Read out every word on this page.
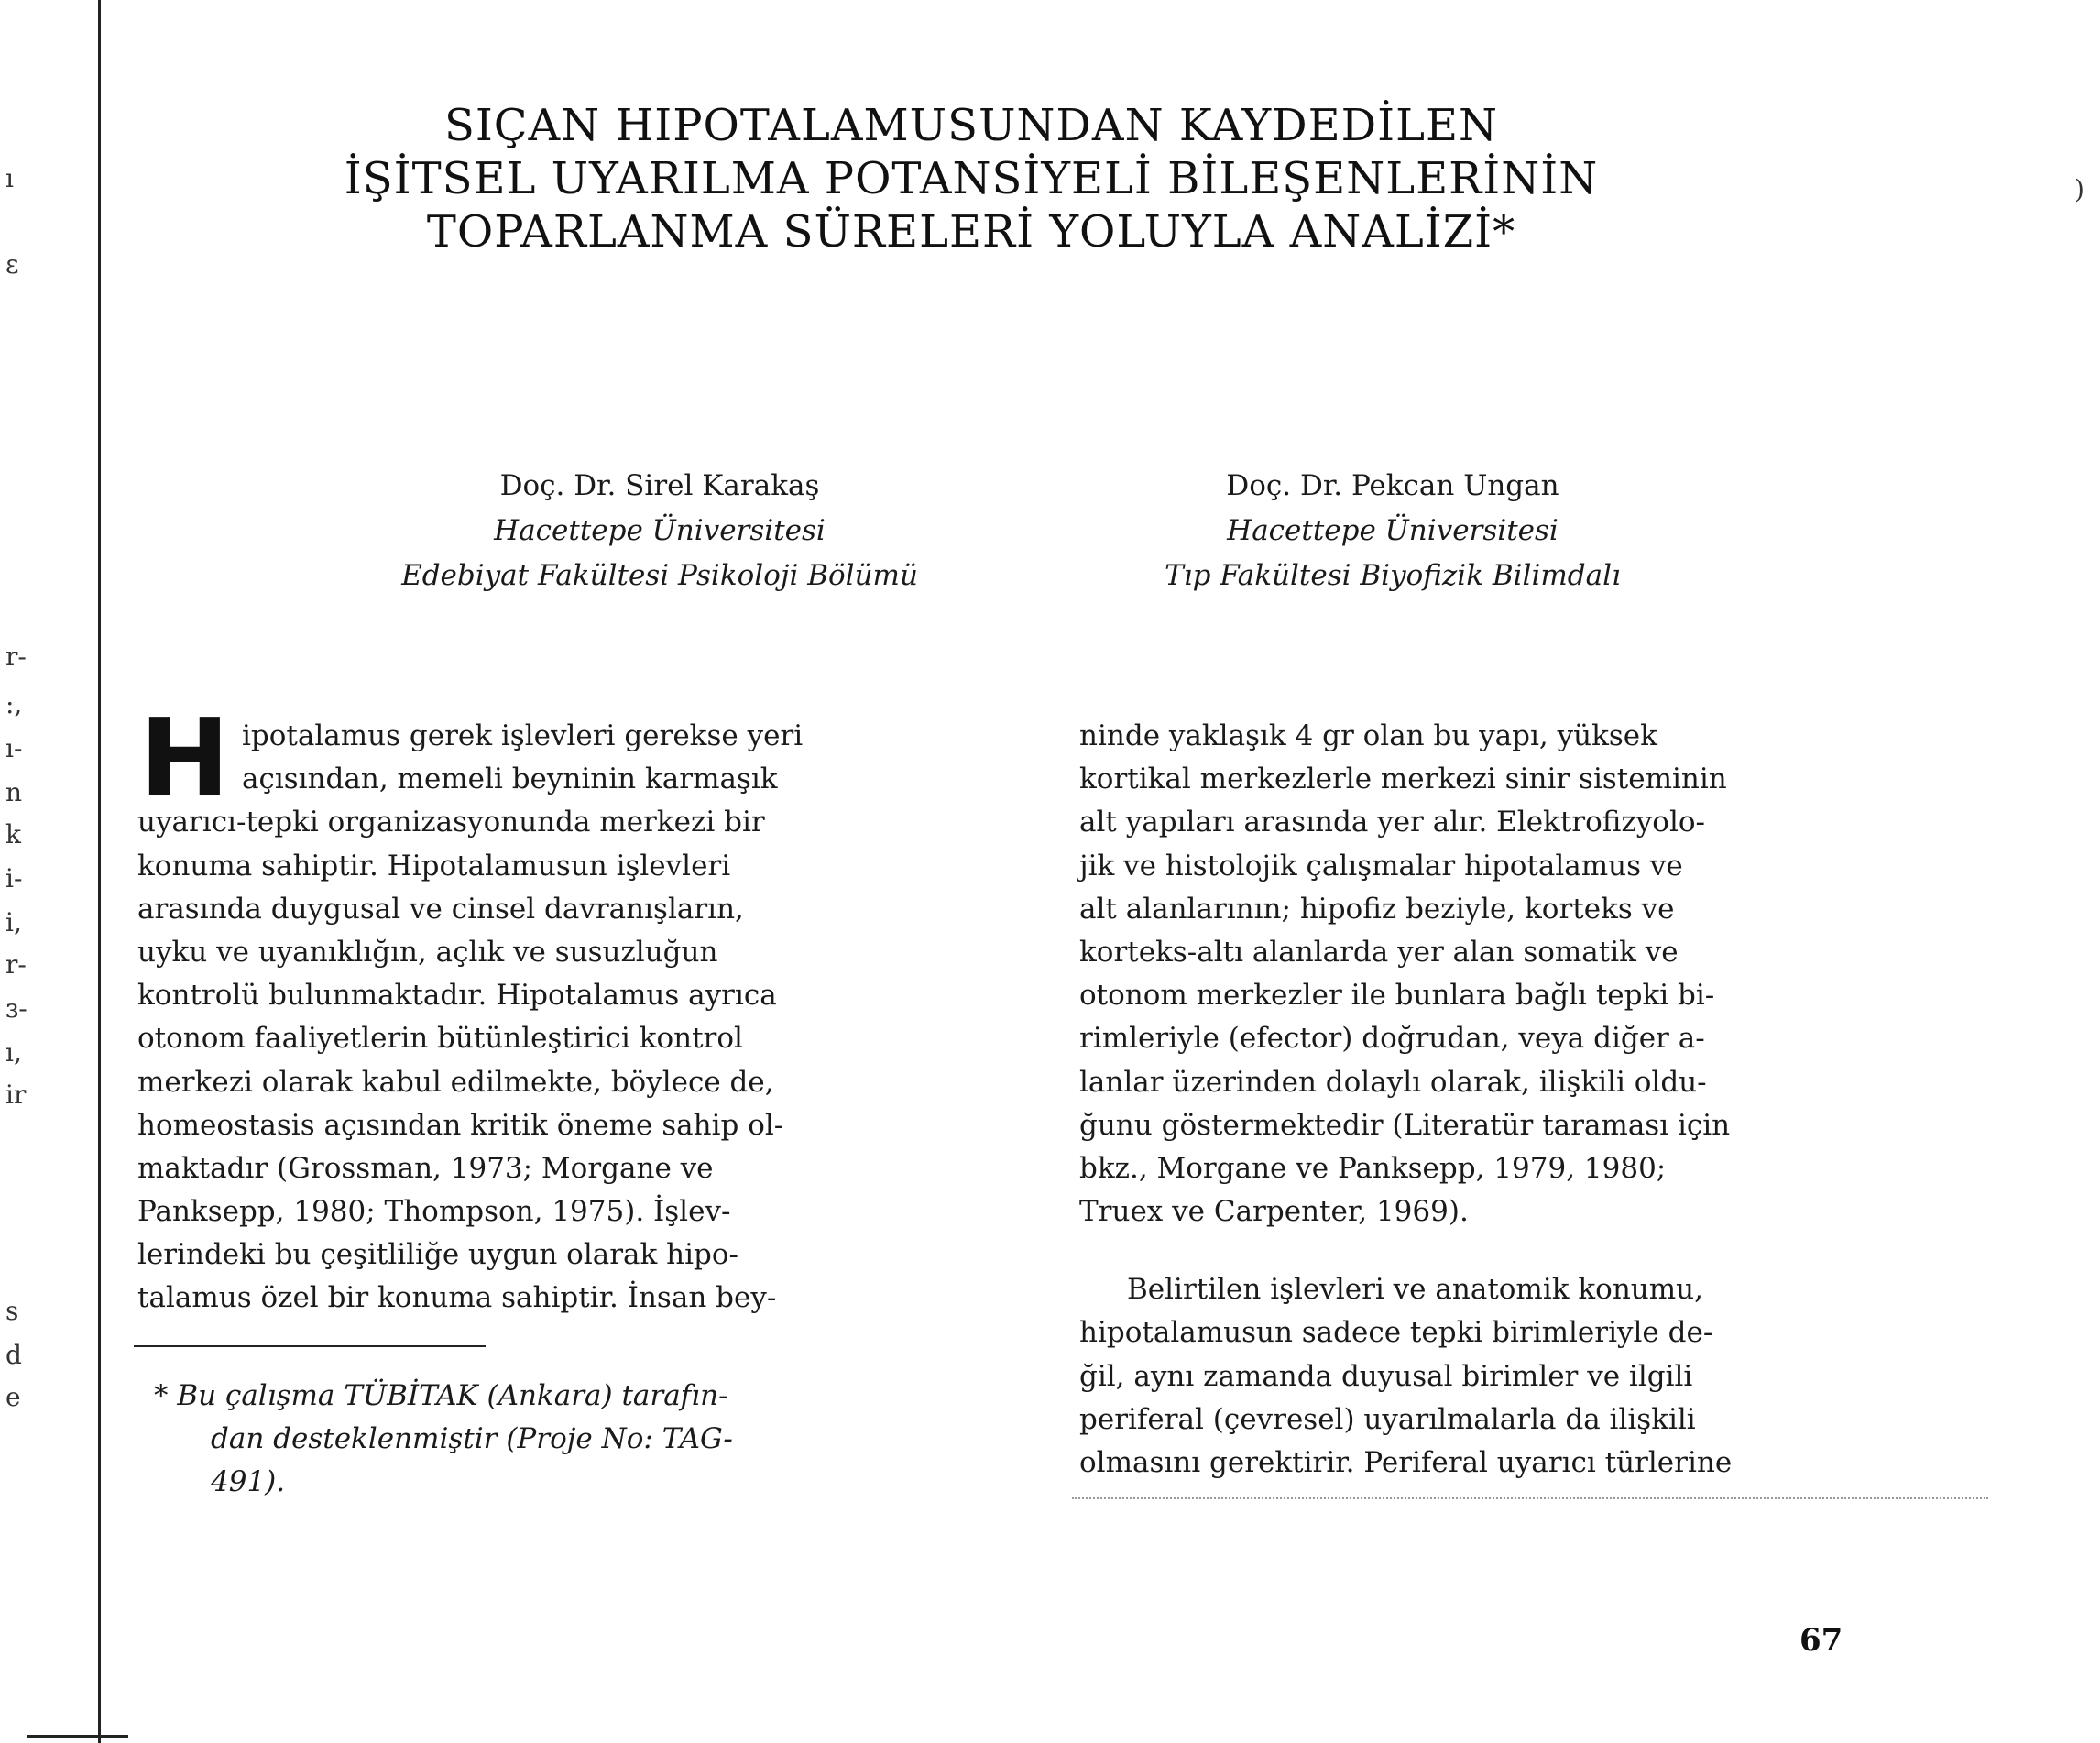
ı
ɛ
r-
:,
ı-
n
k
i-
i,
r-
ɜ-
ı,
ir
s
d
e
)
SIÇAN HIPOTALAMUSUNDAN KAYDEDİLEN
İŞİTSEL UYARILMA POTANSİYELİ BİLEŞENLERİNİN
TOPARLANMA SÜRELERİ YOLUYLA ANALİZİ*
Doç. Dr. Sirel Karakaş
Hacettepe Üniversitesi
Edebiyat Fakültesi Psikoloji Bölümü
Doç. Dr. Pekcan Ungan
Hacettepe Üniversitesi
Tıp Fakültesi Biyofizik Bilimdalı
H ipotalamus gerek işlevleri gerekse yeri
açısından, memeli beyninin karmaşık
uyarıcı-tepki organizasyonunda merkezi bir
konuma sahiptir. Hipotalamusun işlevleri
arasında duygusal ve cinsel davranışların,
uyku ve uyanıklığın, açlık ve susuzluğun
kontrolü bulunmaktadır. Hipotalamus ayrıca
otonom faaliyetlerin bütünleştirici kontrol
merkezi olarak kabul edilmekte, böylece de,
homeostasis açısından kritik öneme sahip ol-
maktadır (Grossman, 1973; Morgane ve
Panksepp, 1980; Thompson, 1975). İşlev-
lerindeki bu çeşitliliğe uygun olarak hipo-
talamus özel bir konuma sahiptir. İnsan bey-
* Bu çalışma TÜBİTAK (Ankara) tarafın-
dan desteklenmiştir (Proje No: TAG-
491).
ninde yaklaşık 4 gr olan bu yapı, yüksek
kortikal merkezlerle merkezi sinir sisteminin
alt yapıları arasında yer alır. Elektrofizyolo-
jik ve histolojik çalışmalar hipotalamus ve
alt alanlarının; hipofiz beziyle, korteks ve
korteks-altı alanlarda yer alan somatik ve
otonom merkezler ile bunlara bağlı tepki bi-
rimleriyle (efector) doğrudan, veya diğer a-
lanlar üzerinden dolaylı olarak, ilişkili oldu-
ğunu göstermektedir (Literatür taraması için
bkz., Morgane ve Panksepp, 1979, 1980;
Truex ve Carpenter, 1969).
Belirtilen işlevleri ve anatomik konumu,
hipotalamusun sadece tepki birimleriyle de-
ğil, aynı zamanda duyusal birimler ve ilgili
periferal (çevresel) uyarılmalarla da ilişkili
olmasını gerektirir. Periferal uyarıcı türlerine
67
